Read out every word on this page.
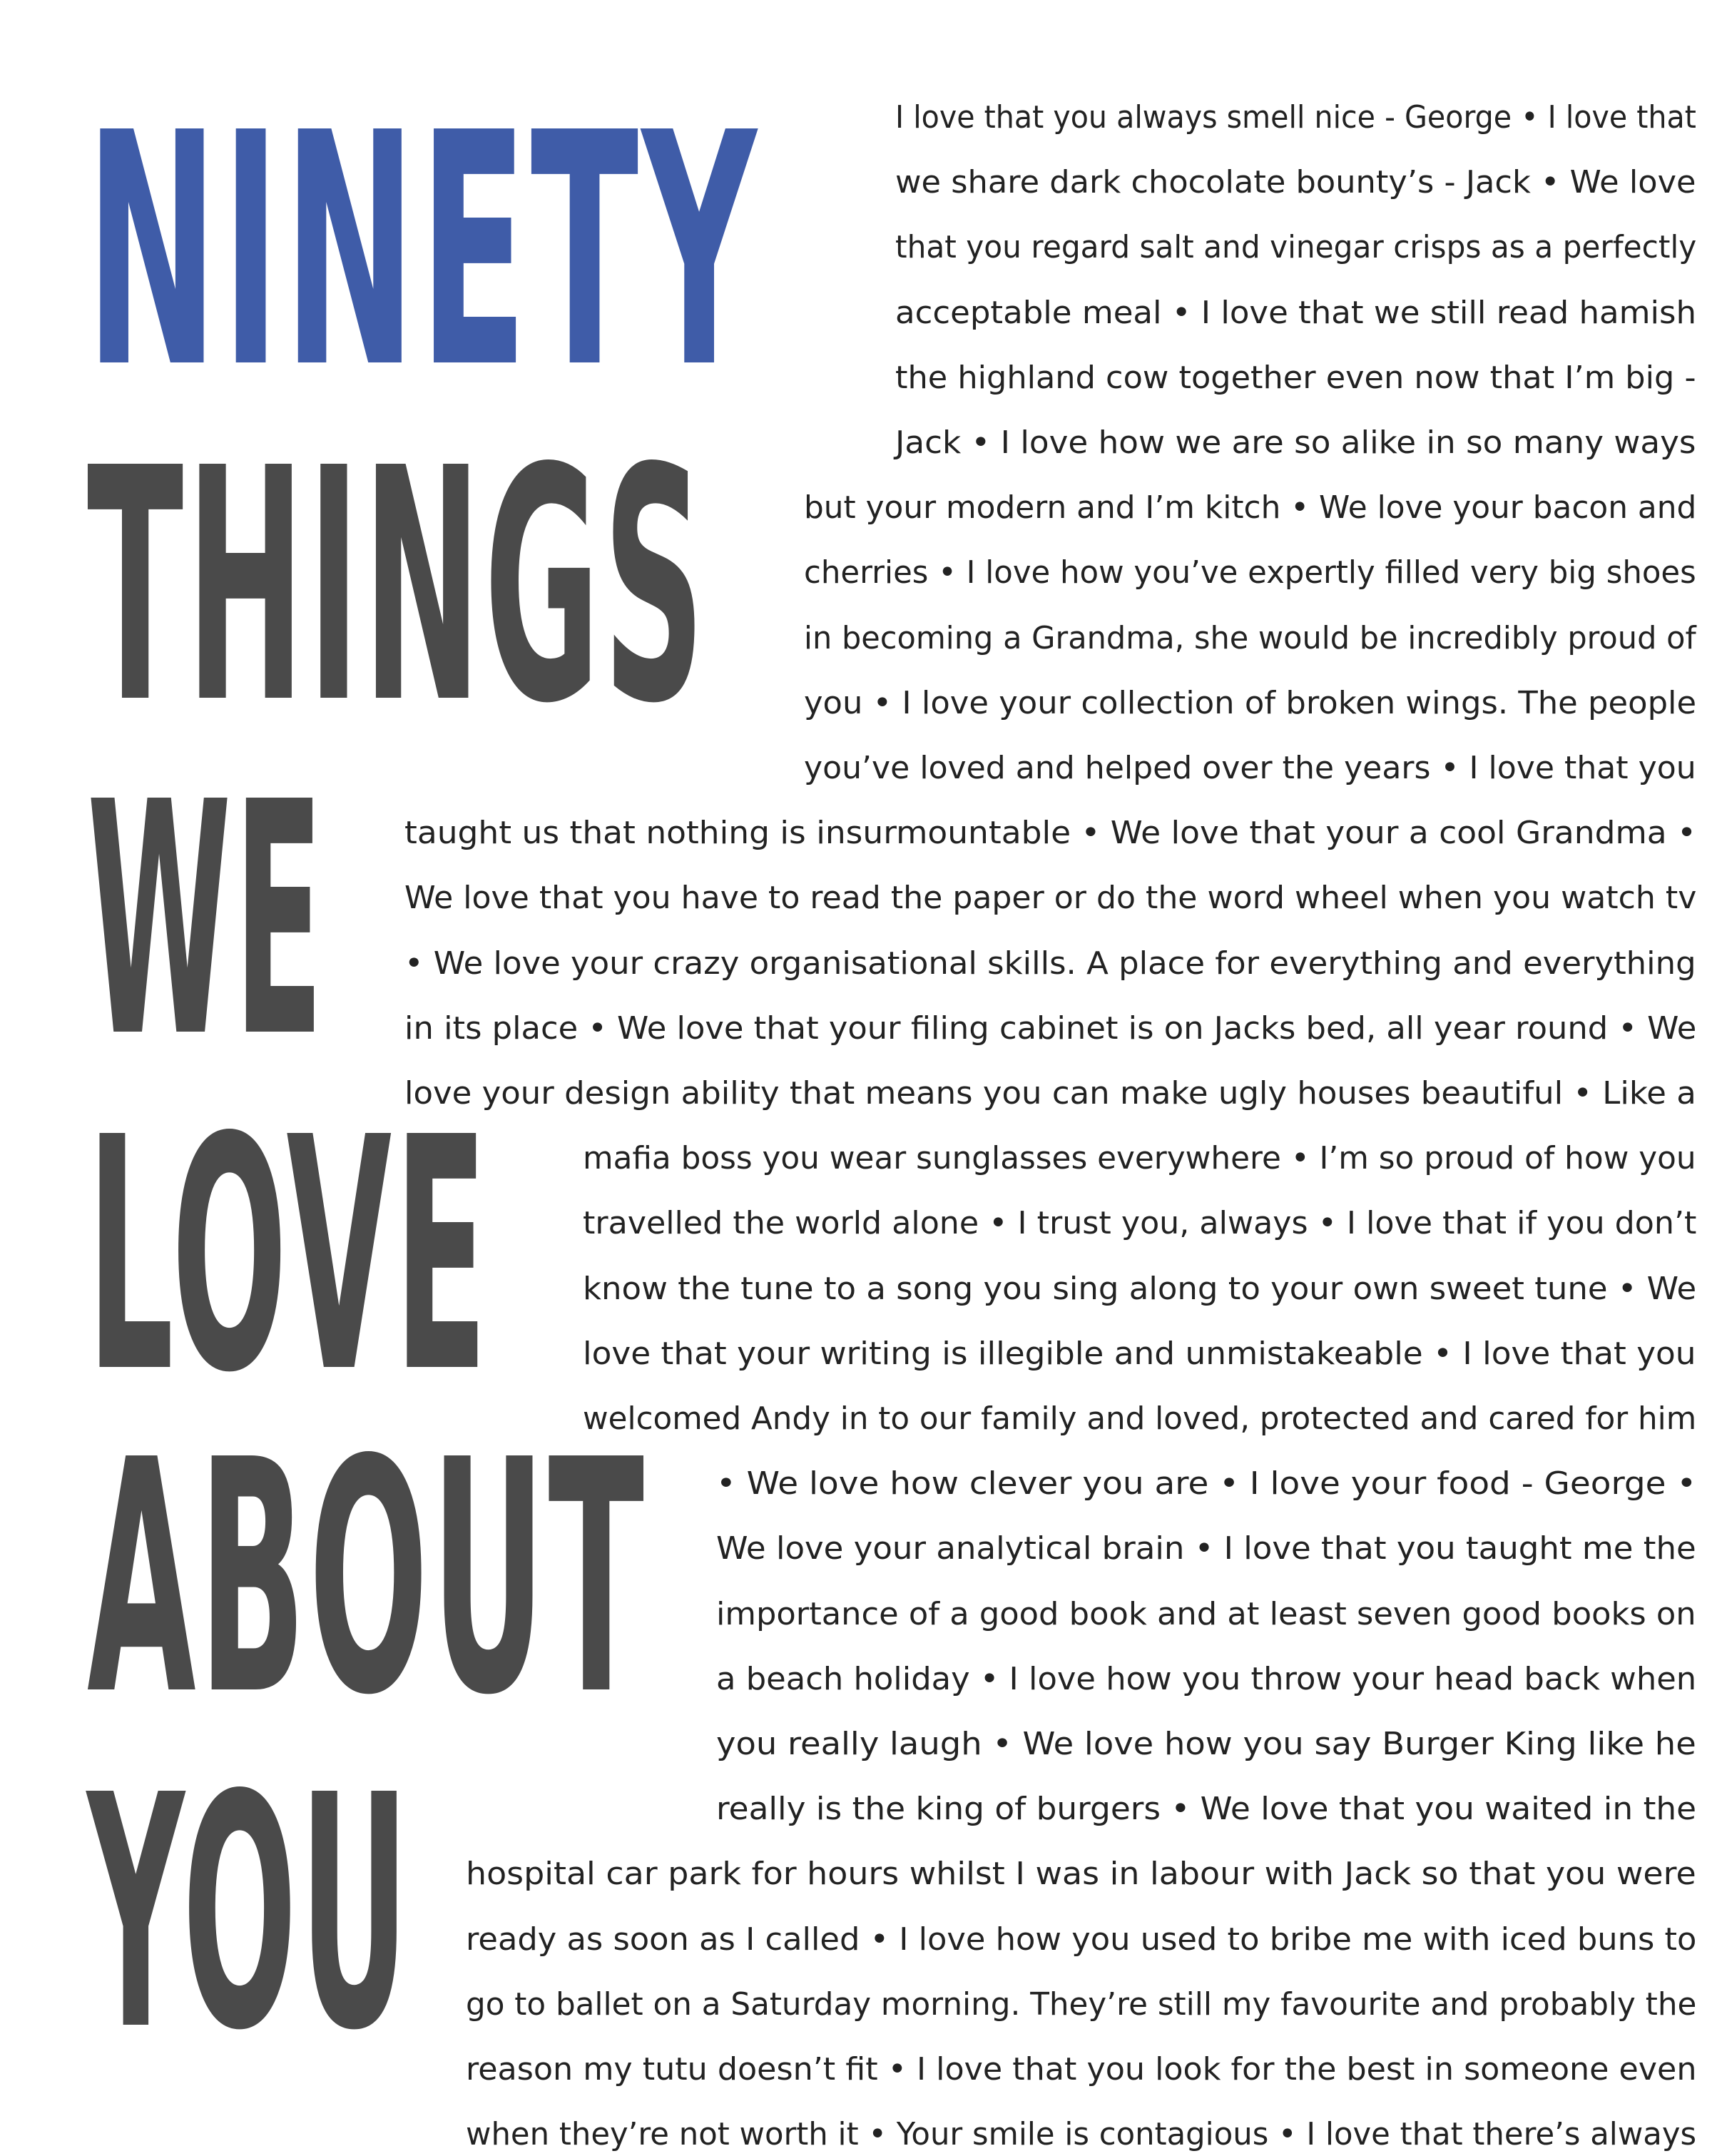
NINETY
THINGS
WE
LOVE
ABOUT
YOU

I love that you always smell nice - George • I love that

we share dark chocolate bounty’s - Jack • We love

that you regard salt and vinegar crisps as a perfectly

acceptable meal • I love that we still read hamish

the highland cow together even now that I’m big -

Jack • I love how we are so alike in so many ways

but your modern and I’m kitch • We love your bacon and

cherries • I love how you’ve expertly filled very big shoes

in becoming a Grandma, she would be incredibly proud of

you • I love your collection of broken wings. The people

you’ve loved and helped over the years • I love that you

taught us that nothing is insurmountable • We love that your a cool Grandma •

We love that you have to read the paper or do the word wheel when you watch tv

• We love your crazy organisational skills. A place for everything and everything

in its place • We love that your filing cabinet is on Jacks bed, all year round • We

love your design ability that means you can make ugly houses beautiful • Like a

mafia boss you wear sunglasses everywhere • I’m so proud of how you

travelled the world alone • I trust you, always • I love that if you don’t

know the tune to a song you sing along to your own sweet tune • We

love that your writing is illegible and unmistakeable • I love that you

welcomed Andy in to our family and loved, protected and cared for him

• We love how clever you are • I love your food - George •

We love your analytical brain • I love that you taught me the

importance of a good book and at least seven good books on

a beach holiday • I love how you throw your head back when

you really laugh • We love how you say Burger King like he

really is the king of burgers • We love that you waited in the

hospital car park for hours whilst I was in labour with Jack so that you were

ready as soon as I called • I love how you used to bribe me with iced buns to

go to ballet on a Saturday morning. They’re still my favourite and probably the

reason my tutu doesn’t fit • I love that you look for the best in someone even

when they’re not worth it • Your smile is contagious • I love that there’s always
